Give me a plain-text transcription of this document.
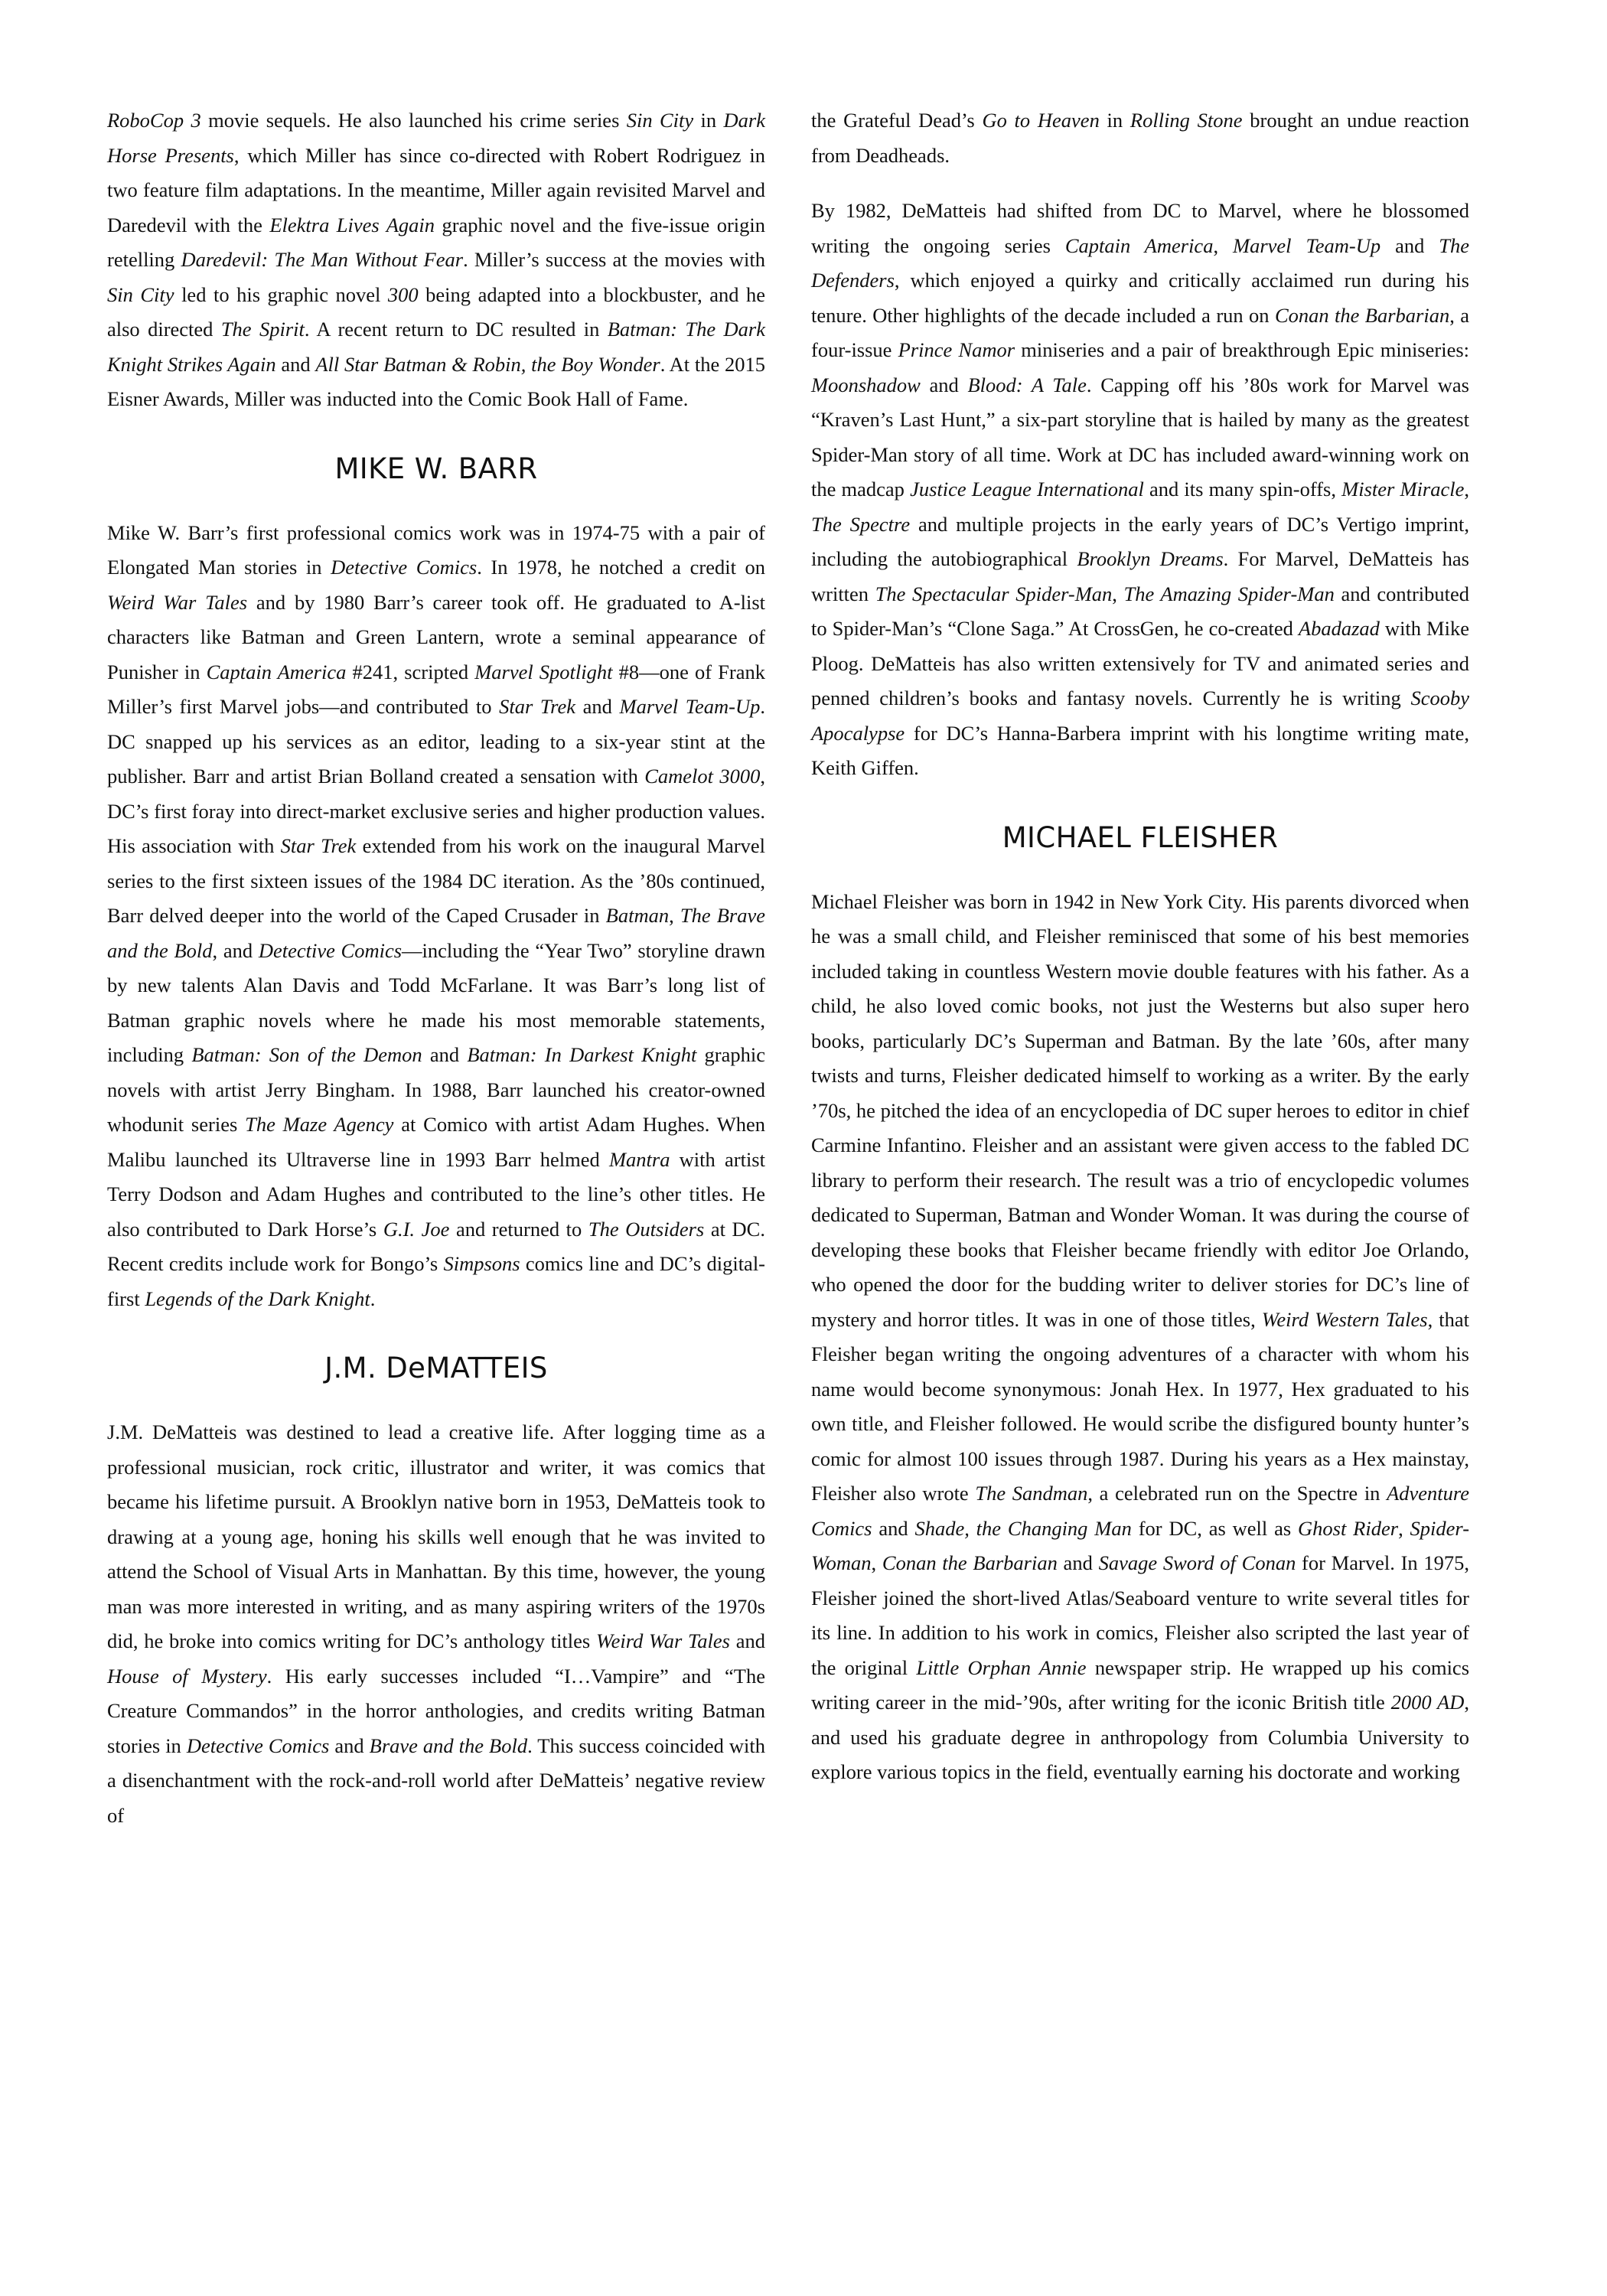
RoboCop 3 movie sequels. He also launched his crime series Sin City in Dark Horse Presents, which Miller has since co-directed with Robert Rodriguez in two feature film adaptations. In the meantime, Miller again revisited Marvel and Daredevil with the Elektra Lives Again graphic novel and the five-issue origin retelling Daredevil: The Man Without Fear. Miller’s success at the movies with Sin City led to his graphic novel 300 being adapted into a blockbuster, and he also directed The Spirit. A recent return to DC resulted in Batman: The Dark Knight Strikes Again and All Star Batman & Robin, the Boy Wonder. At the 2015 Eisner Awards, Miller was inducted into the Comic Book Hall of Fame.

MIKE W. BARR

Mike W. Barr’s first professional comics work was in 1974-75 with a pair of Elongated Man stories in Detective Comics. In 1978, he notched a credit on Weird War Tales and by 1980 Barr’s career took off. He graduated to A-list characters like Batman and Green Lantern, wrote a seminal appearance of Punisher in Captain America #241, scripted Marvel Spotlight #8—one of Frank Miller’s first Marvel jobs—and contributed to Star Trek and Marvel Team-Up. DC snapped up his services as an editor, leading to a six-year stint at the publisher. Barr and artist Brian Bolland created a sensation with Camelot 3000, DC’s first foray into direct-market exclusive series and higher production values. His association with Star Trek extended from his work on the inaugural Marvel series to the first sixteen issues of the 1984 DC iteration. As the ’80s continued, Barr delved deeper into the world of the Caped Crusader in Batman, The Brave and the Bold, and Detective Comics—including the “Year Two” storyline drawn by new talents Alan Davis and Todd McFarlane. It was Barr’s long list of Batman graphic novels where he made his most memorable statements, including Batman: Son of the Demon and Batman: In Darkest Knight graphic novels with artist Jerry Bingham. In 1988, Barr launched his creator-owned whodunit series The Maze Agency at Comico with artist Adam Hughes. When Malibu launched its Ultraverse line in 1993 Barr helmed Mantra with artist Terry Dodson and Adam Hughes and contributed to the line’s other titles. He also contributed to Dark Horse’s G.I. Joe and returned to The Outsiders at DC. Recent credits include work for Bongo’s Simpsons comics line and DC’s digital-first Legends of the Dark Knight.

J.M. DeMATTEIS

J.M. DeMatteis was destined to lead a creative life. After logging time as a professional musician, rock critic, illustrator and writer, it was comics that became his lifetime pursuit. A Brooklyn native born in 1953, DeMatteis took to drawing at a young age, honing his skills well enough that he was invited to attend the School of Visual Arts in Manhattan. By this time, however, the young man was more interested in writing, and as many aspiring writers of the 1970s did, he broke into comics writing for DC’s anthology titles Weird War Tales and House of Mystery. His early successes included “I…Vampire” and “The Creature Commandos” in the horror anthologies, and credits writing Batman stories in Detective Comics and Brave and the Bold. This success coincided with a disenchantment with the rock-and-roll world after DeMatteis’ negative review of

the Grateful Dead’s Go to Heaven in Rolling Stone brought an undue reaction from Deadheads.

By 1982, DeMatteis had shifted from DC to Marvel, where he blossomed writing the ongoing series Captain America, Marvel Team-Up and The Defenders, which enjoyed a quirky and critically acclaimed run during his tenure. Other highlights of the decade included a run on Conan the Barbarian, a four-issue Prince Namor miniseries and a pair of breakthrough Epic miniseries: Moonshadow and Blood: A Tale. Capping off his ’80s work for Marvel was “Kraven’s Last Hunt,” a six-part storyline that is hailed by many as the greatest Spider-Man story of all time. Work at DC has included award-winning work on the madcap Justice League International and its many spin-offs, Mister Miracle, The Spectre and multiple projects in the early years of DC’s Vertigo imprint, including the autobiographical Brooklyn Dreams. For Marvel, DeMatteis has written The Spectacular Spider-Man, The Amazing Spider-Man and contributed to Spider-Man’s “Clone Saga.” At CrossGen, he co-created Abadazad with Mike Ploog. DeMatteis has also written extensively for TV and animated series and penned children’s books and fantasy novels. Currently he is writing Scooby Apocalypse for DC’s Hanna-Barbera imprint with his longtime writing mate, Keith Giffen.

MICHAEL FLEISHER

Michael Fleisher was born in 1942 in New York City. His parents divorced when he was a small child, and Fleisher reminisced that some of his best memories included taking in countless Western movie double features with his father. As a child, he also loved comic books, not just the Westerns but also super hero books, particularly DC’s Superman and Batman. By the late ’60s, after many twists and turns, Fleisher dedicated himself to working as a writer. By the early ’70s, he pitched the idea of an encyclopedia of DC super heroes to editor in chief Carmine Infantino. Fleisher and an assistant were given access to the fabled DC library to perform their research. The result was a trio of encyclopedic volumes dedicated to Superman, Batman and Wonder Woman. It was during the course of developing these books that Fleisher became friendly with editor Joe Orlando, who opened the door for the budding writer to deliver stories for DC’s line of mystery and horror titles. It was in one of those titles, Weird Western Tales, that Fleisher began writing the ongoing adventures of a character with whom his name would become synonymous: Jonah Hex. In 1977, Hex graduated to his own title, and Fleisher followed. He would scribe the disfigured bounty hunter’s comic for almost 100 issues through 1987. During his years as a Hex mainstay, Fleisher also wrote The Sandman, a celebrated run on the Spectre in Adventure Comics and Shade, the Changing Man for DC, as well as Ghost Rider, Spider-Woman, Conan the Barbarian and Savage Sword of Conan for Marvel. In 1975, Fleisher joined the short-lived Atlas/Seaboard venture to write several titles for its line. In addition to his work in comics, Fleisher also scripted the last year of the original Little Orphan Annie newspaper strip. He wrapped up his comics writing career in the mid-’90s, after writing for the iconic British title 2000 AD, and used his graduate degree in anthropology from Columbia University to explore various topics in the field, eventually earning his doctorate and working
